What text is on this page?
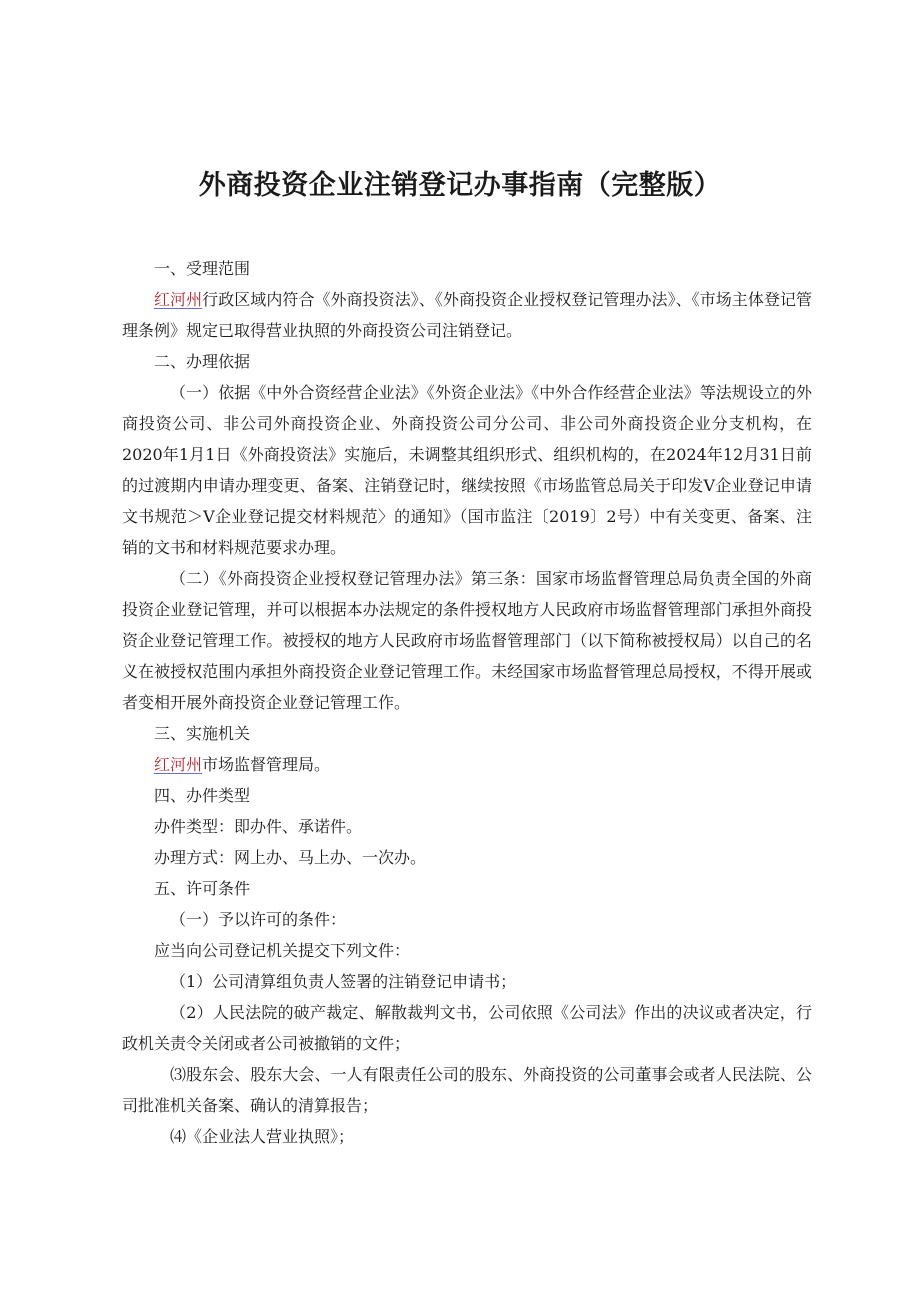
外商投资企业注销登记办事指南（完整版）

一、受理范围

红河州行政区域内符合《外商投资法》、《外商投资企业授权登记管理办法》、《市场主体登记管理条例》规定已取得营业执照的外商投资公司注销登记。

二、办理依据

（一）依据《中外合资经营企业法》《外资企业法》《中外合作经营企业法》等法规设立的外商投资公司、非公司外商投资企业、外商投资公司分公司、非公司外商投资企业分支机构，在2020年1月1日《外商投资法》实施后，未调整其组织形式、组织机构的，在2024年12月31日前的过渡期内申请办理变更、备案、注销登记时，继续按照《市场监管总局关于印发V企业登记申请文书规范＞V企业登记提交材料规范〉的通知》（国市监注〔2019〕2号）中有关变更、备案、注销的文书和材料规范要求办理。

（二）《外商投资企业授权登记管理办法》第三条：国家市场监督管理总局负责全国的外商投资企业登记管理，并可以根据本办法规定的条件授权地方人民政府市场监督管理部门承担外商投资企业登记管理工作。被授权的地方人民政府市场监督管理部门（以下简称被授权局）以自己的名义在被授权范围内承担外商投资企业登记管理工作。未经国家市场监督管理总局授权，不得开展或者变相开展外商投资企业登记管理工作。

三、实施机关

红河州市场监督管理局。

四、办件类型

办件类型：即办件、承诺件。

办理方式：网上办、马上办、一次办。

五、许可条件

（一）予以许可的条件：

应当向公司登记机关提交下列文件：

（1）公司清算组负责人签署的注销登记申请书；

（2）人民法院的破产裁定、解散裁判文书，公司依照《公司法》作出的决议或者决定，行政机关责令关闭或者公司被撤销的文件；

⑶股东会、股东大会、一人有限责任公司的股东、外商投资的公司董事会或者人民法院、公司批准机关备案、确认的清算报告；

⑷《企业法人营业执照》；
